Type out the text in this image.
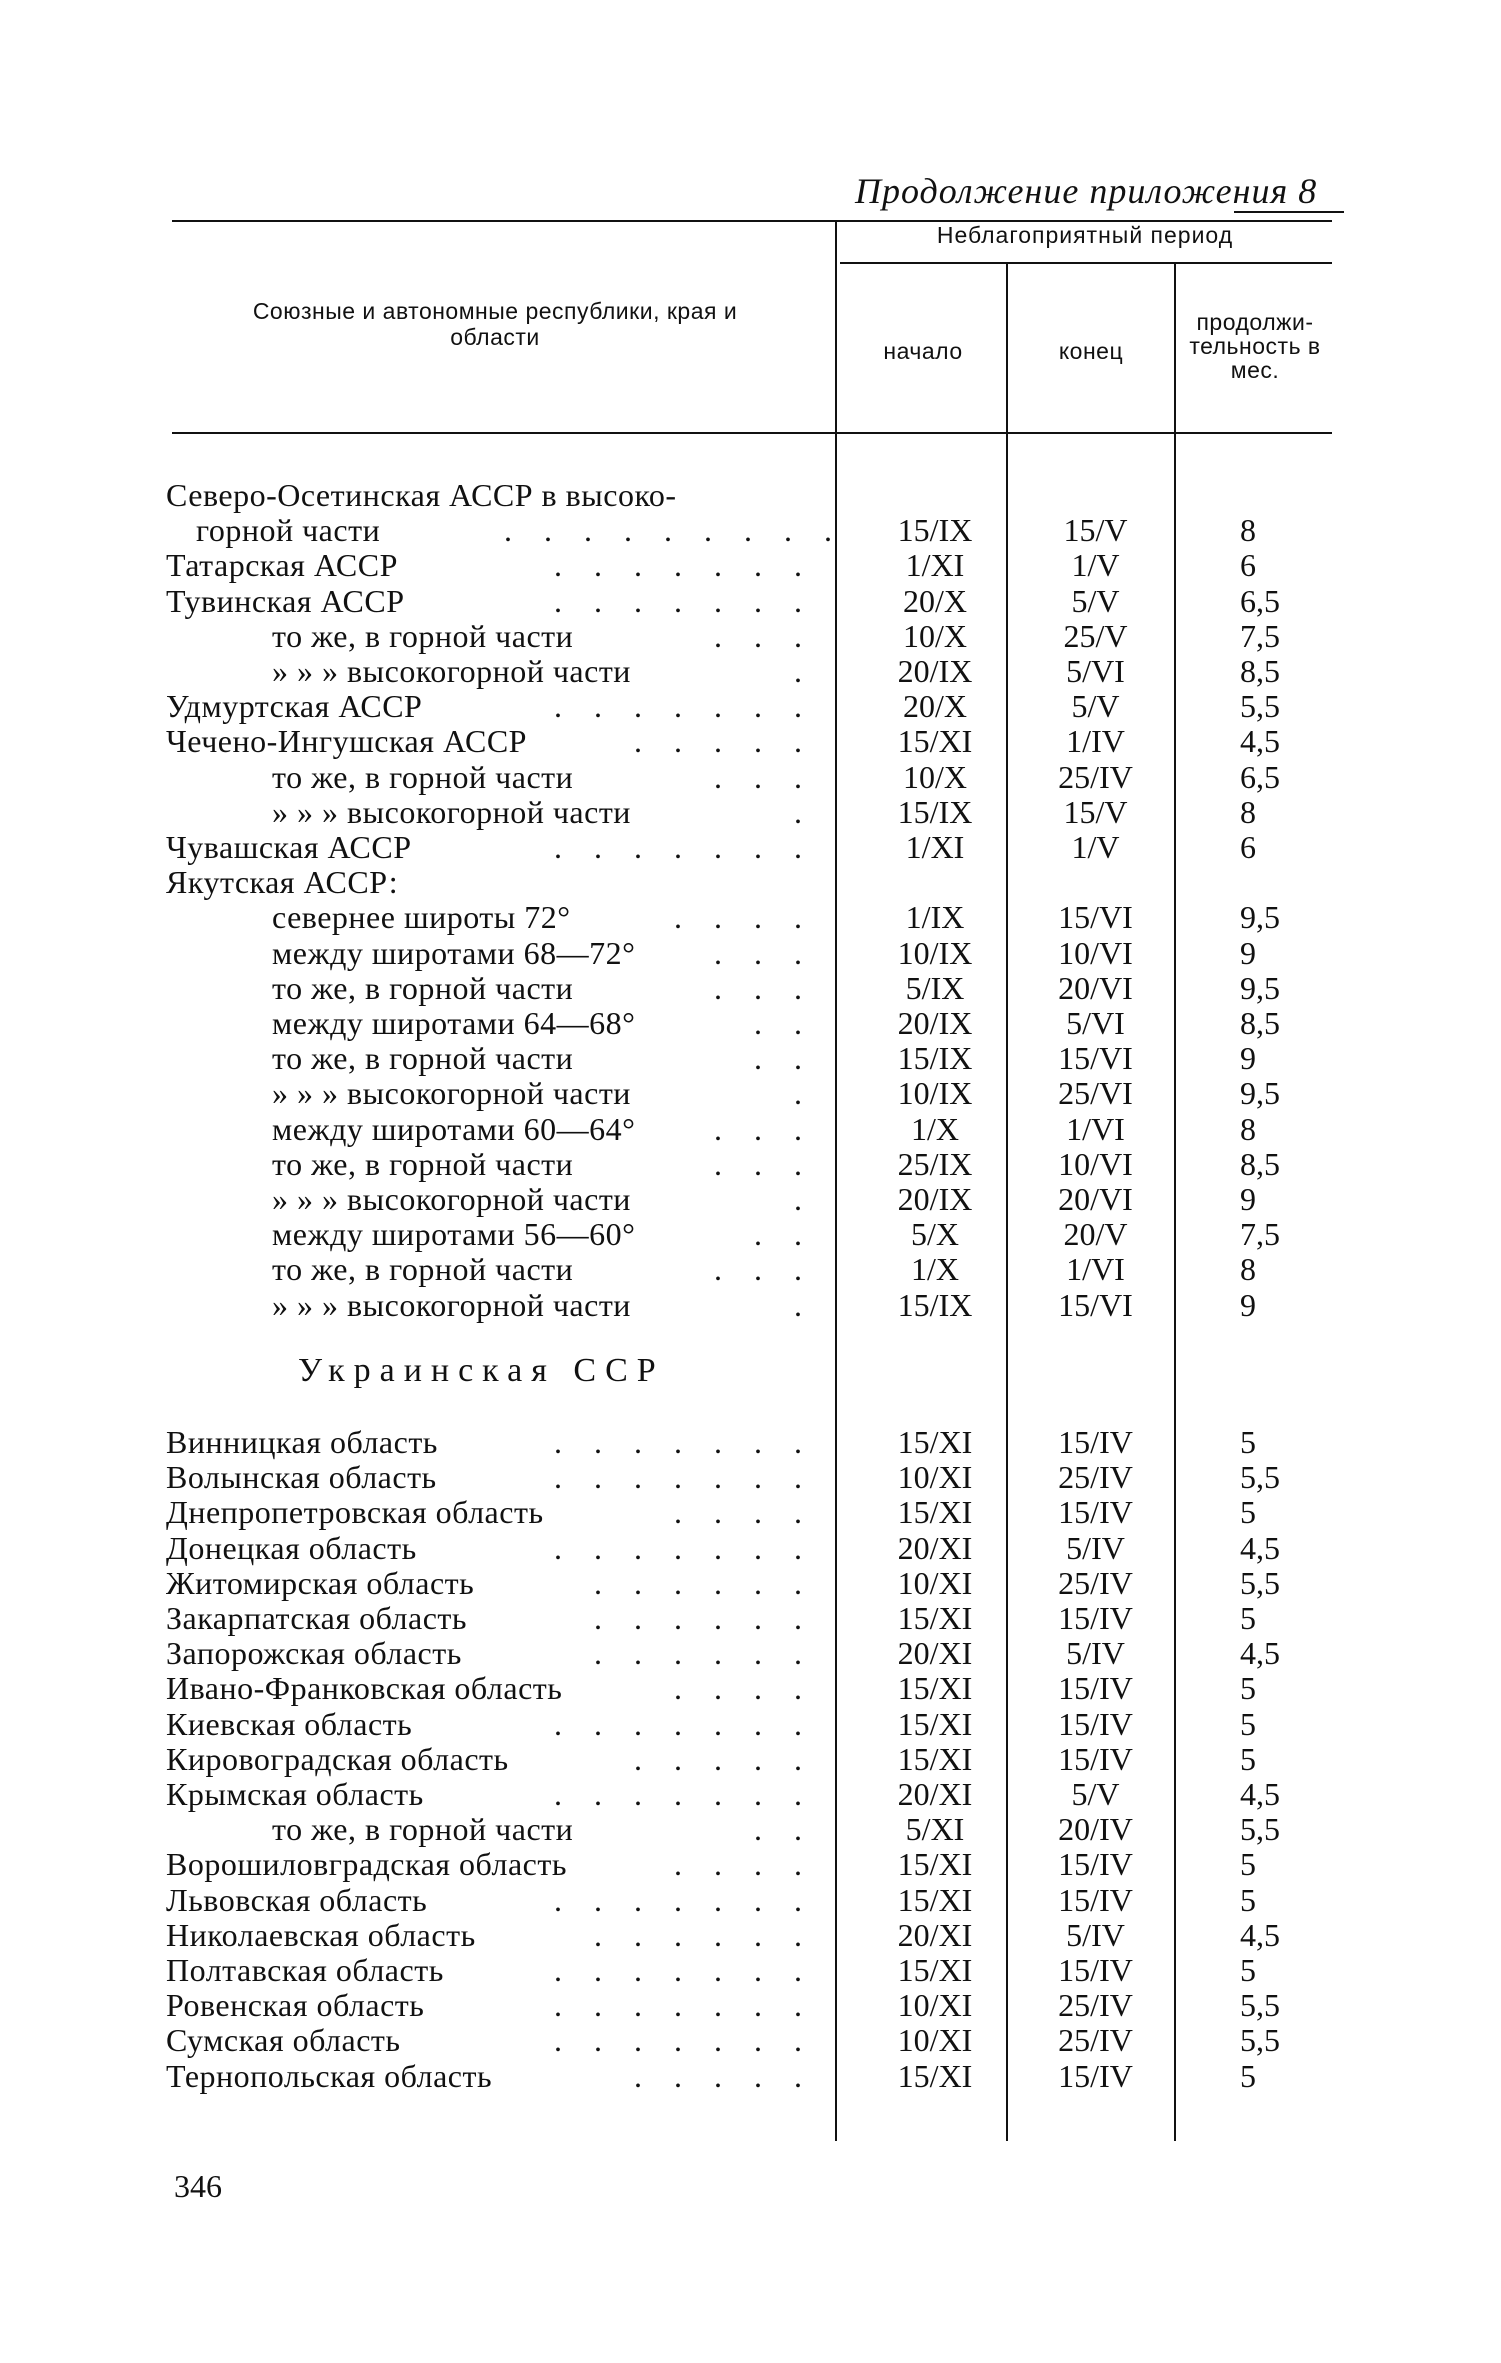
Продолжение приложения 8
Союзные и автономные республики, края и области
Неблагоприятный период
начало	конец
продолжи-тельность в мес.
Северо-Осетинская АССР в высоко-
горной части	. . . . . . . . .	15/IX	15/V	8
Татарская АССР	. . . . . . .	1/XI	1/V	6
Тувинская АССР	. . . . . . .	20/X	5/V	6,5
то же, в горной части	. . .	10/X	25/V	7,5
» » » высокогорной части	.	20/IX	5/VI	8,5
Удмуртская АССР	. . . . . . .	20/X	5/V	5,5
Чечено-Ингушская АССР	. . . . .	15/XI	1/IV	4,5
то же, в горной части	. . .	10/X	25/IV	6,5
» » » высокогорной части	.	15/IX	15/V	8
Чувашская АССР	. . . . . . .	1/XI	1/V	6
Якутская АССР:
севернее широты 72°	. . . .	1/IX	15/VI	9,5
между широтами 68—72° . . .	10/IX	10/VI	9
то же, в горной части	. . .	5/IX	20/VI	9,5
между широтами 64—68°	. .	20/IX	5/VI	8,5
то же, в горной части	. .	15/IX	15/VI	9
» » » высокогорной части	.	10/IX	25/VI	9,5
между широтами 60—64° . . .	1/X	1/VI	8
то же, в горной части	. . .	25/IX	10/VI	8,5
» » » высокогорной части	.	20/IX	20/VI	9
между широтами 56—60°	. .	5/X	20/V	7,5
то же, в горной части	. . .	1/X	1/VI	8
» » » высокогорной части	.	15/IX	15/VI	9
Украинская ССР
Винницкая область	. . . . . . .	15/XI	15/IV	5
Волынская область	. . . . . . .	10/XI	25/IV	5,5
Днепропетровская область	. . . .	15/XI	15/IV	5
Донецкая область	. . . . . . .	20/XI	5/IV	4,5
Житомирская область	. . . . . .	10/XI	25/IV	5,5
Закарпатская область	. . . . . .	15/XI	15/IV	5
Запорожская область	. . . . . .	20/XI	5/IV	4,5
Ивано-Франковская область	. . . .	15/XI	15/IV	5
Киевская область	. . . . . . .	15/XI	15/IV	5
Кировоградская область	. . . . .	15/XI	15/IV	5
Крымская область	. . . . . . .	20/XI	5/V	4,5
то же, в горной части	. .	5/XI	20/IV	5,5
Ворошиловградская область	. . . .	15/XI	15/IV	5
Львовская область	. . . . . . .	15/XI	15/IV	5
Николаевская область	. . . . . .	20/XI	5/IV	4,5
Полтавская область	. . . . . . .	15/XI	15/IV	5
Ровенская область	. . . . . . .	10/XI	25/IV	5,5
Сумская область	. . . . . . .	10/XI	25/IV	5,5
Тернопольская область	. . . . .	15/XI	15/IV	5
346
